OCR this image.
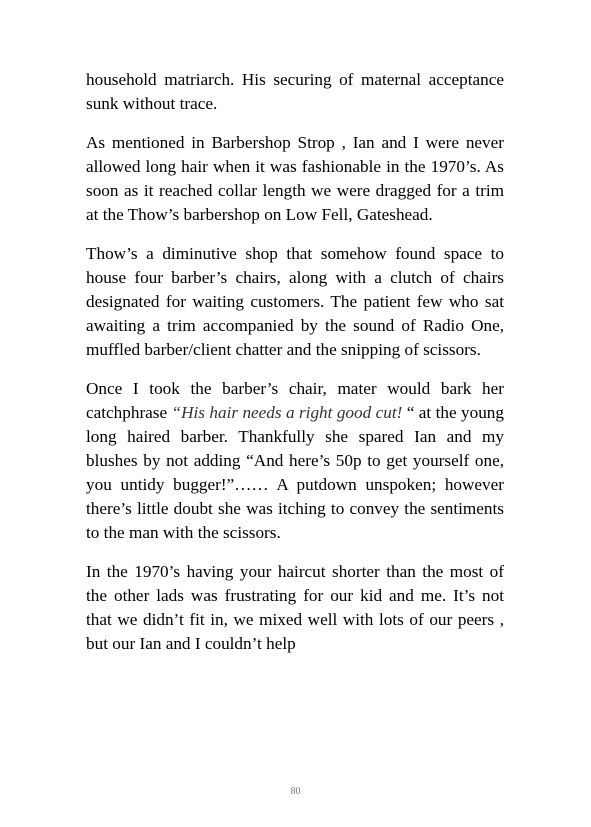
household matriarch. His securing of maternal acceptance sunk without trace.

As mentioned in Barbershop Strop , Ian and I were never allowed long hair when it was fashionable in the 1970’s. As soon as it reached collar length we were dragged for a trim at the Thow’s barbershop on Low Fell, Gateshead.

Thow’s a diminutive shop that somehow found space to house four barber’s chairs, along with a clutch of chairs designated for waiting customers. The patient few who sat awaiting a trim accompanied by the sound of Radio One, muffled barber/client chatter and the snipping of scissors.

Once I took the barber’s chair, mater would bark her catchphrase “His hair needs a right good cut! “ at the young long haired barber. Thankfully she spared Ian and my blushes by not adding “And here’s 50p to get yourself one, you untidy bugger!”…… A putdown unspoken; however there’s little doubt she was itching to convey the sentiments to the man with the scissors.

In the 1970’s having your haircut shorter than the most of the other lads was frustrating for our kid and me. It’s not that we didn’t fit in, we mixed well with lots of our peers , but our Ian and I couldn’t help

80
